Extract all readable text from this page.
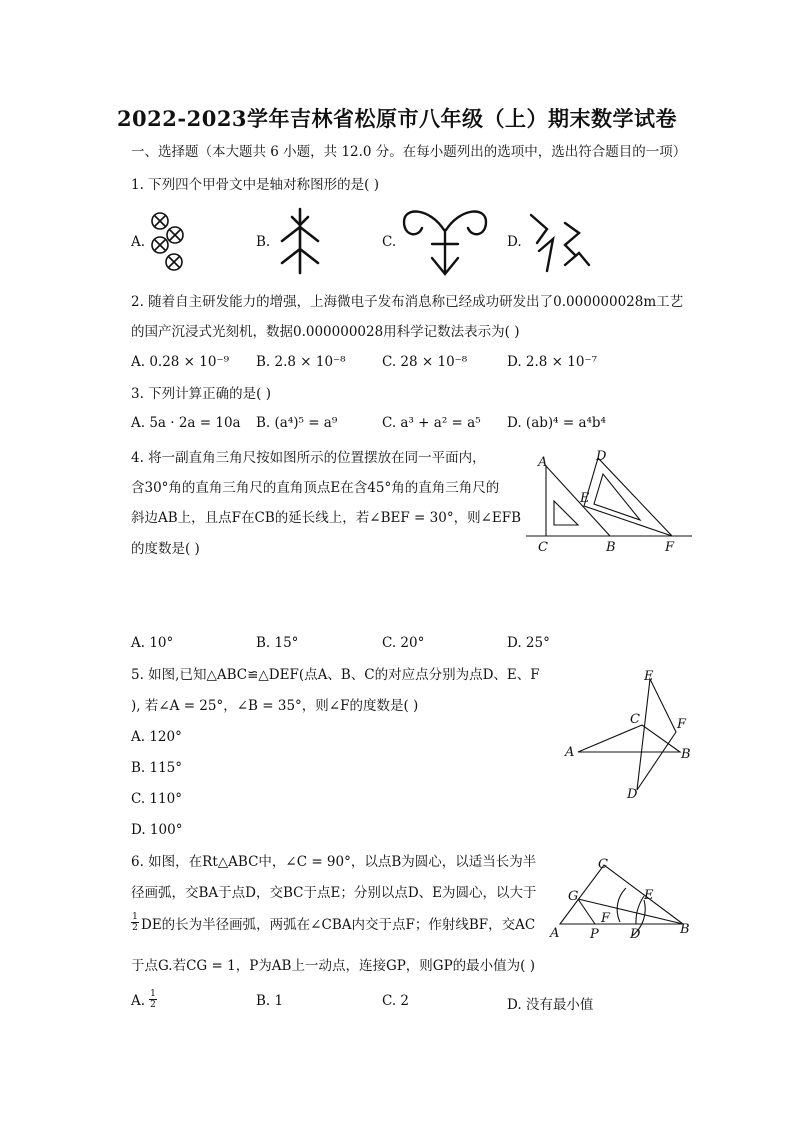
2022-2023学年吉林省松原市八年级（上）期末数学试卷
一、选择题（本大题共 6 小题，共 12.0 分。在每小题列出的选项中，选出符合题目的一项）
1. 下列四个甲骨文中是轴对称图形的是( )
A.	B.	C.	D.
2. 随着自主研发能力的增强，上海微电子发布消息称已经成功研发出了0.000000028m工艺
的国产沉浸式光刻机，数据0.000000028用科学记数法表示为( )
A. 0.28 × 10⁻⁹ B. 2.8 × 10⁻⁸	C. 28 × 10⁻⁸	D. 2.8 × 10⁻⁷
3. 下列计算正确的是( )
A. 5a · 2a = 10a B. (a⁴)⁵ = a⁹	C. a³ + a² = a⁵ D. (ab)⁴ = a⁴b⁴
4. 将一副直角三角尺按如图所示的位置摆放在同一平面内，
含30°角的直角三角尺的直角顶点E在含45°角的直角三角尺的
斜边AB上，且点F在CB的延长线上，若∠BEF = 30°，则∠EFB
的度数是( )
A	D
E
C	B	F
A. 10°	B. 15°	C. 20°	D. 25°
5. 如图,已知△ABC≌△DEF(点A、B、C的对应点分别为点D、E、F
), 若∠A = 25°，∠B = 35°，则∠F的度数是( )
A. 120°
B. 115°
C. 110°
D. 100°
E
C	F
A	B
D
6. 如图，在Rt△ABC中，∠C = 90°，以点B为圆心，以适当长为半
径画弧，交BA于点D，交BC于点E；分别以点D、E为圆心，以大于
$\frac{1}{2}$ DE的长为半径画弧，两弧在∠CBA内交于点F；作射线BF，交AC
于点G.若CG = 1，P为AB上一动点，连接GP，则GP的最小值为( )
C
G	E
F
A P D	B
A. $\frac{1}{2}$	B. 1	C. 2	D. 没有最小值
